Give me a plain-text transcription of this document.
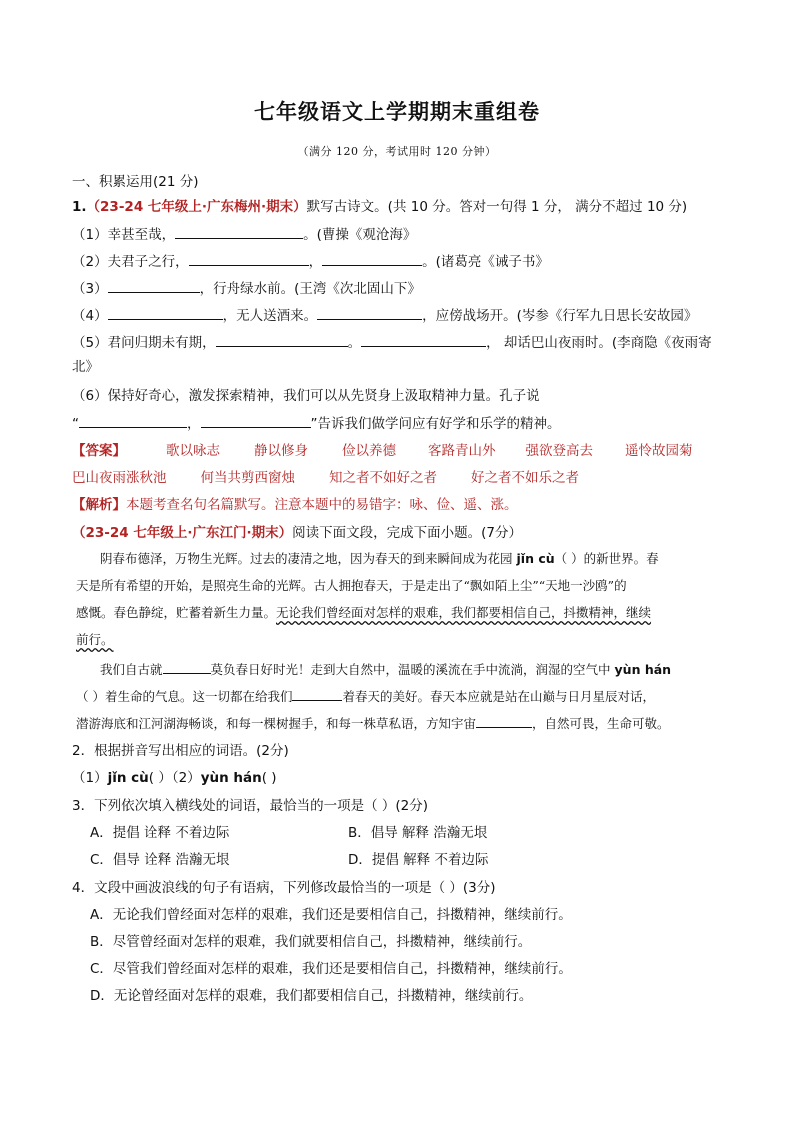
七年级语文上学期期末重组卷
（满分 120 分，考试用时 120 分钟）
一、积累运用(21 分)
1.（23-24 七年级上·广东梅州·期末）默写古诗文。(共 10 分。答对一句得 1 分， 满分不超过 10 分)
（1）幸甚至哉，	。(曹操《观沧海》
（2）夫君子之行，	，	。(诸葛亮《诫子书》
（3）	，行舟绿水前。(王湾《次北固山下》
（4）	，无人送酒来。	，应傍战场开。(岑参《行军九日思长安故园》
（5）君问归期未有期，	。	， 却话巴山夜雨时。(李商隐《夜雨寄
北》
（6）保持好奇心，激发探索精神，我们可以从先贤身上汲取精神力量。孔子说
“	，	”告诉我们做学问应有好学和乐学的精神。
【答案】	歌以咏志	静以修身	俭以养德 客路青山外 强欲登高去 遥怜故园菊
巴山夜雨涨秋池	何当共剪西窗烛	知之者不如好之者	好之者不如乐之者
【解析】本题考查名句名篇默写。注意本题中的易错字：咏、俭、遥、涨。
（23-24 七年级上·广东江门·期末）阅读下面文段，完成下面小题。(7分）
阴春布德泽，万物生光辉。过去的凄清之地，因为春天的到来瞬间成为花园 jǐn cù（ ）的新世界。春
天是所有希望的开始，是照亮生命的光辉。古人拥抱春天，于是走出了“飘如陌上尘”“天地一沙鸥”的
感慨。春色静绽，贮蓄着新生力量。无论我们曾经面对怎样的艰难，我们都要相信自己，抖擞精神，继续
前行。
我们自古就	莫负春日好时光！走到大自然中，温暖的溪流在手中流淌，润湿的空气中 yùn hán
（ ）着生命的气息。这一切都在给我们	着春天的美好。春天本应就是站在山巅与日月星辰对话，
潜游海底和江河湖海畅谈，和每一棵树握手，和每一株草私语，方知宇宙	，自然可畏，生命可敬。
2．根据拼音写出相应的词语。(2分)
（1）jǐn cù( ）（2）yùn hán( )
3．下列依次填入横线处的词语，最恰当的一项是（ ）(2分)
A．提倡 诠释 不着边际	B．倡导 解释 浩瀚无垠
C．倡导 诠释 浩瀚无垠	D．提倡 解释 不着边际
4．文段中画波浪线的句子有语病，下列修改最恰当的一项是（ ）(3分)
A．无论我们曾经面对怎样的艰难，我们还是要相信自己，抖擞精神，继续前行。
B．尽管曾经面对怎样的艰难，我们就要相信自己，抖擞精神，继续前行。
C．尽管我们曾经面对怎样的艰难，我们还是要相信自己，抖擞精神，继续前行。
D．无论曾经面对怎样的艰难，我们都要相信自己，抖擞精神，继续前行。
